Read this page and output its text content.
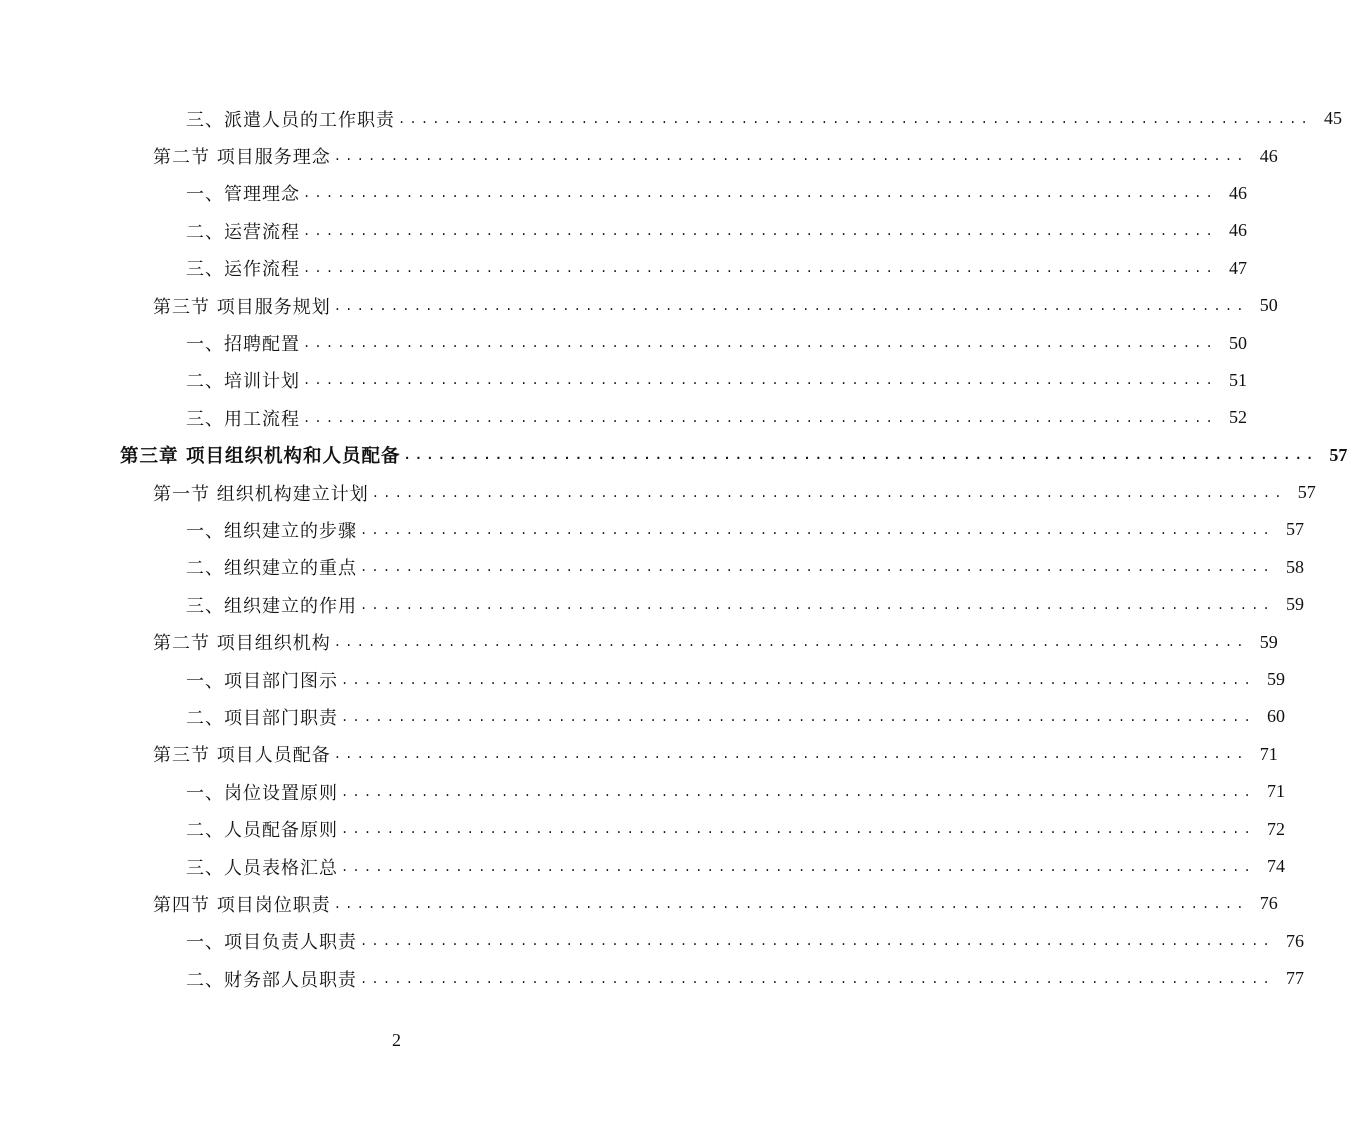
三、派遣人员的工作职责 ................................................................................ 45
第二节 项目服务理念 ................................................................................ 46
一、管理理念 ................................................................................ 46
二、运营流程 ................................................................................ 46
三、运作流程 ................................................................................ 47
第三节 项目服务规划 ................................................................................ 50
一、招聘配置 ................................................................................ 50
二、培训计划 ................................................................................ 51
三、用工流程 ................................................................................ 52
第三章 项目组织机构和人员配备 ................................................................................ 57
第一节 组织机构建立计划 ................................................................................ 57
一、组织建立的步骤 ................................................................................ 57
二、组织建立的重点 ................................................................................ 58
三、组织建立的作用 ................................................................................ 59
第二节 项目组织机构 ................................................................................ 59
一、项目部门图示 ................................................................................ 59
二、项目部门职责 ................................................................................ 60
第三节 项目人员配备 ................................................................................ 71
一、岗位设置原则 ................................................................................ 71
二、人员配备原则 ................................................................................ 72
三、人员表格汇总 ................................................................................ 74
第四节 项目岗位职责 ................................................................................ 76
一、项目负责人职责 ................................................................................ 76
二、财务部人员职责 ................................................................................ 77
2
